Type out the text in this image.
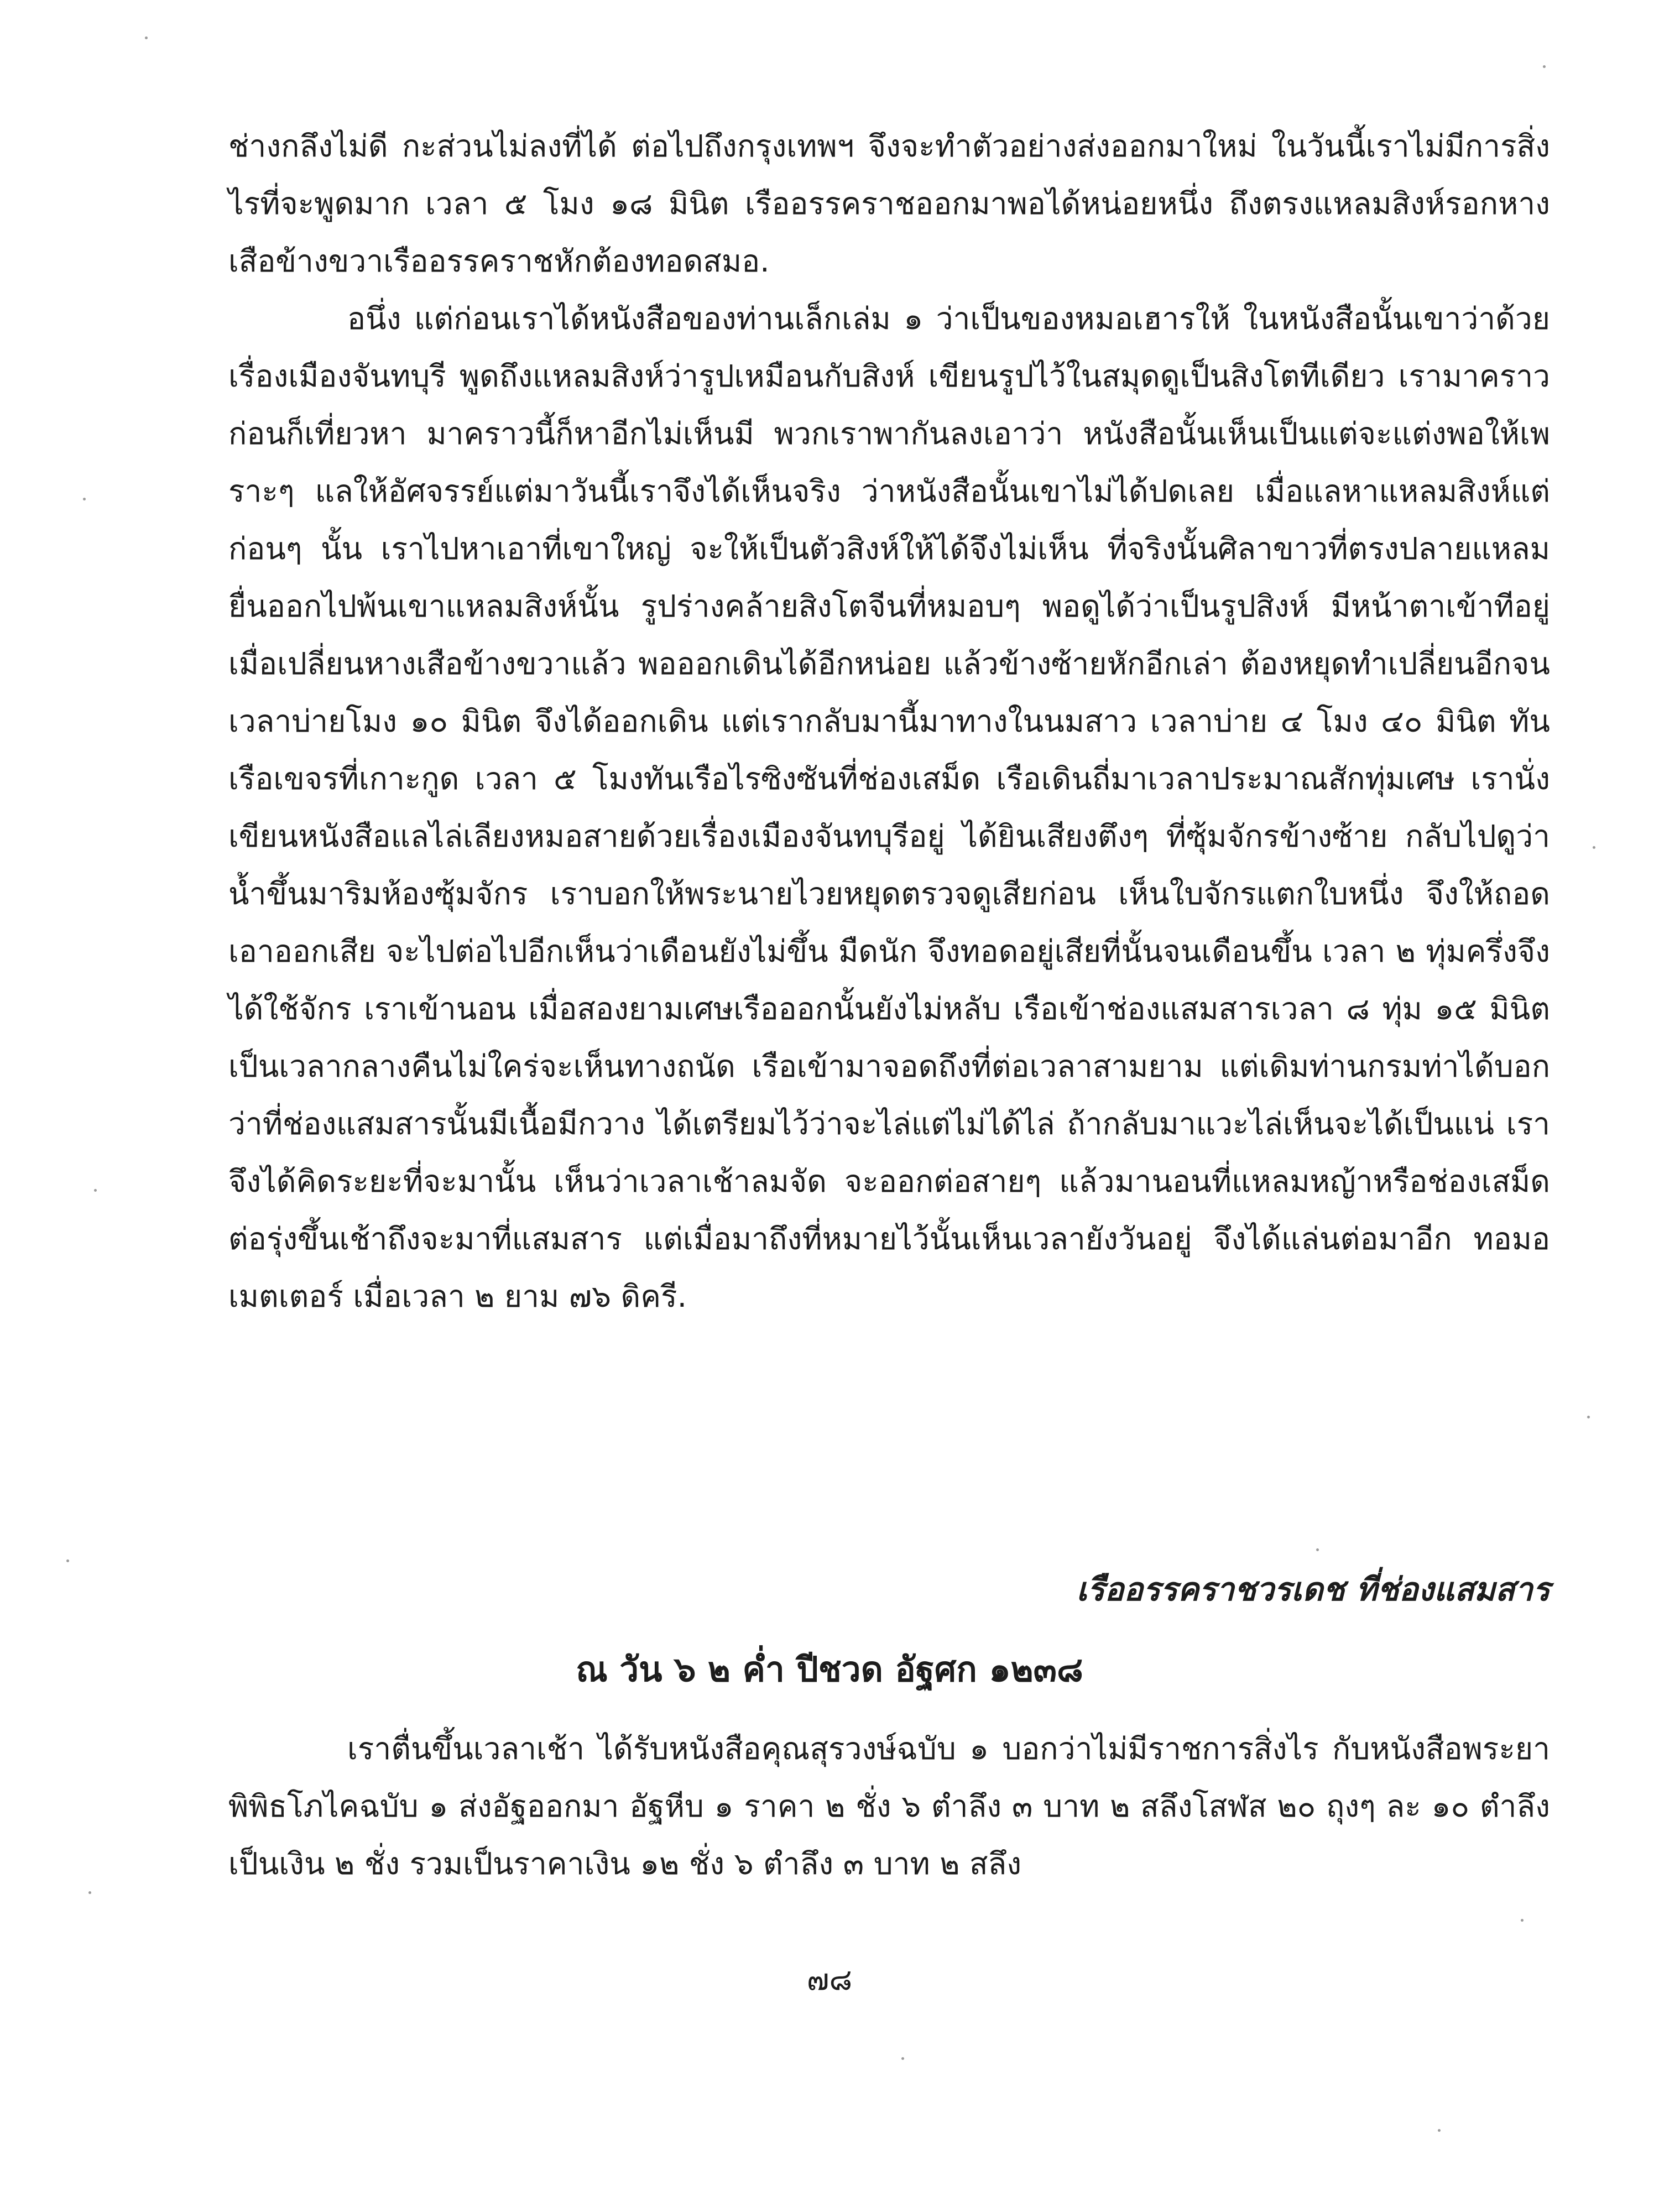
ช่างกลึงไม่ดี กะส่วนไม่ลงที่ได้ ต่อไปถึงกรุงเทพฯ จึงจะทำตัวอย่างส่งออกมาใหม่ ในวันนี้เราไม่มีการสิ่งไรที่จะพูดมาก เวลา ๕ โมง ๑๘ มินิต เรืออรรคราชออกมาพอได้หน่อยหนึ่ง ถึงตรงแหลมสิงห์รอกหางเสือข้างขวาเรืออรรคราชหักต้องทอดสมอ.

อนึ่ง แต่ก่อนเราได้หนังสือของท่านเล็กเล่ม ๑ ว่าเป็นของหมอเฮารให้ ในหนังสือนั้นเขาว่าด้วยเรื่องเมืองจันทบุรี พูดถึงแหลมสิงห์ว่ารูปเหมือนกับสิงห์ เขียนรูปไว้ในสมุดดูเป็นสิงโตทีเดียว เรามาคราวก่อนก็เที่ยวหา มาคราวนี้ก็หาอีกไม่เห็นมี พวกเราพากันลงเอาว่า หนังสือนั้นเห็นเป็นแต่จะแต่งพอให้เพราะๆ แลให้อัศจรรย์แต่มาวันนี้เราจึงได้เห็นจริง ว่าหนังสือนั้นเขาไม่ได้ปดเลย เมื่อแลหาแหลมสิงห์แต่ก่อนๆ นั้น เราไปหาเอาที่เขาใหญ่ จะให้เป็นตัวสิงห์ให้ได้จึงไม่เห็น ที่จริงนั้นศิลาขาวที่ตรงปลายแหลมยื่นออกไปพ้นเขาแหลมสิงห์นั้น รูปร่างคล้ายสิงโตจีนที่หมอบๆ พอดูได้ว่าเป็นรูปสิงห์ มีหน้าตาเข้าทีอยู่ เมื่อเปลี่ยนหางเสือข้างขวาแล้ว พอออกเดินได้อีกหน่อย แล้วข้างซ้ายหักอีกเล่า ต้องหยุดทำเปลี่ยนอีกจนเวลาบ่ายโมง ๑๐ มินิต จึงได้ออกเดิน แต่เรากลับมานี้มาทางในนมสาว เวลาบ่าย ๔ โมง ๔๐ มินิต ทันเรือเขจรที่เกาะกูด เวลา ๕ โมงทันเรือไรซิงซันที่ช่องเสม็ด เรือเดินถี่มาเวลาประมาณสักทุ่มเศษ เรานั่งเขียนหนังสือแลไล่เลียงหมอสายด้วยเรื่องเมืองจันทบุรีอยู่ ได้ยินเสียงตึงๆ ที่ซุ้มจักรข้างซ้าย กลับไปดูว่าน้ำขึ้นมาริมห้องซุ้มจักร เราบอกให้พระนายไวยหยุดตรวจดูเสียก่อน เห็นใบจักรแตกใบหนึ่ง จึงให้ถอดเอาออกเสีย จะไปต่อไปอีกเห็นว่าเดือนยังไม่ขึ้น มืดนัก จึงทอดอยู่เสียที่นั้นจนเดือนขึ้น เวลา ๒ ทุ่มครึ่งจึงได้ใช้จักร เราเข้านอน เมื่อสองยามเศษเรือออกนั้นยังไม่หลับ เรือเข้าช่องแสมสารเวลา ๘ ทุ่ม ๑๕ มินิต เป็นเวลากลางคืนไม่ใคร่จะเห็นทางถนัด เรือเข้ามาจอดถึงที่ต่อเวลาสามยาม แต่เดิมท่านกรมท่าได้บอกว่าที่ช่องแสมสารนั้นมีเนื้อมีกวาง ได้เตรียมไว้ว่าจะไล่แต่ไม่ได้ไล่ ถ้ากลับมาแวะไล่เห็นจะได้เป็นแน่ เราจึงได้คิดระยะที่จะมานั้น เห็นว่าเวลาเช้าลมจัด จะออกต่อสายๆ แล้วมานอนที่แหลมหญ้าหรือช่องเสม็ด ต่อรุ่งขึ้นเช้าถึงจะมาที่แสมสาร แต่เมื่อมาถึงที่หมายไว้นั้นเห็นเวลายังวันอยู่ จึงได้แล่นต่อมาอีก ทอมอเมตเตอร์ เมื่อเวลา ๒ ยาม ๗๖ ดิครี.

เรืออรรคราชวรเดช ที่ช่องแสมสาร
ณ วัน ๖ ๒ ค่ำ ปีชวด อัฐศก ๑๒๓๘

เราตื่นขึ้นเวลาเช้า ได้รับหนังสือคุณสุรวงษ์ฉบับ ๑ บอกว่าไม่มีราชการสิ่งไร กับหนังสือพระยาพิพิธโภไคฉบับ ๑ ส่งอัฐออกมา อัฐหีบ ๑ ราคา ๒ ชั่ง ๖ ตำลึง ๓ บาท ๒ สลึงโสฬส ๒๐ ถุงๆ ละ ๑๐ ตำลึง เป็นเงิน ๒ ชั่ง รวมเป็นราคาเงิน ๑๒ ชั่ง ๖ ตำลึง ๓ บาท ๒ สลึง

๗๘
